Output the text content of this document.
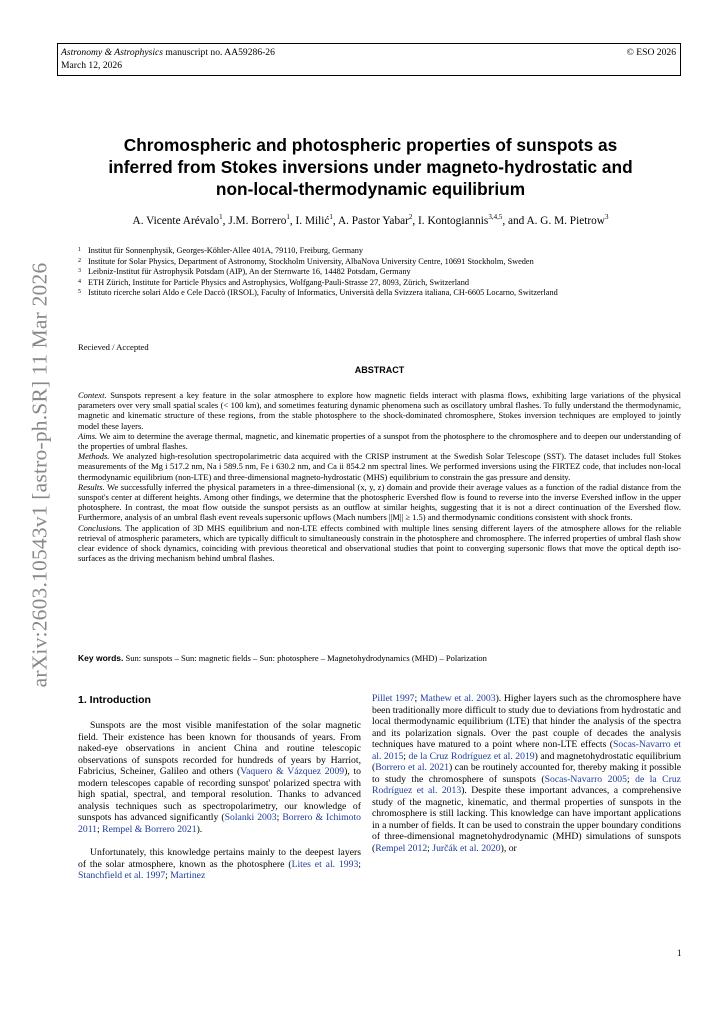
Astronomy & Astrophysics manuscript no. AA59286-26
March 12, 2026
© ESO 2026
arXiv:2603.10543v1 [astro-ph.SR] 11 Mar 2026
Chromospheric and photospheric properties of sunspots as
inferred from Stokes inversions under magneto-hydrostatic and
non-local-thermodynamic equilibrium
A. Vicente Arévalo$^1$, J.M. Borrero$^1$, I. Milić$^1$, A. Pastor Yabar$^2$, I. Kontogiannis$^{3,4,5}$, and A. G. M. Pietrow$^3$
1 Institut für Sonnenphysik, Georges-Köhler-Allee 401A, 79110, Freiburg, Germany
2 Institute for Solar Physics, Department of Astronomy, Stockholm University, AlbaNova University Centre, 10691 Stockholm, Sweden
3 Leibniz-Institut für Astrophysik Potsdam (AIP), An der Sternwarte 16, 14482 Potsdam, Germany
4 ETH Zürich, Institute for Particle Physics and Astrophysics, Wolfgang-Pauli-Strasse 27, 8093, Zürich, Switzerland
5 Istituto ricerche solari Aldo e Cele Daccò (IRSOL), Faculty of Informatics, Università della Svizzera italiana, CH-6605 Locarno, Switzerland
Recieved / Accepted
ABSTRACT

Context. Sunspots represent a key feature in the solar atmosphere to explore how magnetic fields interact with plasma flows, exhibiting large variations of the physical parameters over very small spatial scales (< 100 km), and sometimes featuring dynamic phenomena such as oscillatory umbral flashes. To fully understand the thermodynamic, magnetic and kinematic structure of these regions, from the stable photosphere to the shock-dominated chromosphere, Stokes inversion techniques are employed to jointly model these layers.

Aims. We aim to determine the average thermal, magnetic, and kinematic properties of a sunspot from the photosphere to the chromosphere and to deepen our understanding of the properties of umbral flashes.

Methods. We analyzed high-resolution spectropolarimetric data acquired with the CRISP instrument at the Swedish Solar Telescope (SST). The dataset includes full Stokes measurements of the Mg i 517.2 nm, Na i 589.5 nm, Fe i 630.2 nm, and Ca ii 854.2 nm spectral lines. We performed inversions using the FIRTEZ code, that includes non-local thermodynamic equilibrium (non-LTE) and three-dimensional magneto-hydrostatic (MHS) equilibrium to constrain the gas pressure and density.

Results. We successfully inferred the physical parameters in a three-dimensional (x, y, z) domain and provide their average values as a function of the radial distance from the sunspot's center at different heights. Among other findings, we determine that the photospheric Evershed flow is found to reverse into the inverse Evershed inflow in the upper photosphere. In contrast, the moat flow outside the sunspot persists as an outflow at similar heights, suggesting that it is not a direct continuation of the Evershed flow. Furthermore, analysis of an umbral flash event reveals supersonic upflows (Mach numbers ||M|| ≥ 1.5) and thermodynamic conditions consistent with shock fronts.

Conclusions. The application of 3D MHS equilibrium and non-LTE effects combined with multiple lines sensing different layers of the atmosphere allows for the reliable retrieval of atmospheric parameters, which are typically difficult to simultaneously constrain in the photosphere and chromosphere. The inferred properties of umbral flash show clear evidence of shock dynamics, coinciding with previous theoretical and observational studies that point to converging supersonic flows that move the optical depth iso-surfaces as the driving mechanism behind umbral flashes.

Key words. Sun: sunspots – Sun: magnetic fields – Sun: photosphere – Magnetohydrodynamics (MHD) – Polarization
1. Introduction

Sunspots are the most visible manifestation of the solar magnetic field. Their existence has been known for thousands of years. From naked-eye observations in ancient China and routine telescopic observations of sunspots recorded for hundreds of years by Harriot, Fabricius, Scheiner, Galileo and others (Vaquero & Vázquez 2009), to modern telescopes capable of recording sunspot' polarized spectra with high spatial, spectral, and temporal resolution. Thanks to advanced analysis techniques such as spectropolarimetry, our knowledge of sunspots has advanced significantly (Solanki 2003; Borrero & Ichimoto 2011; Rempel & Borrero 2021).

Unfortunately, this knowledge pertains mainly to the deepest layers of the solar atmosphere, known as the photosphere (Lites et al. 1993; Stanchfield et al. 1997; Martinez

Pillet 1997; Mathew et al. 2003). Higher layers such as the chromosphere have been traditionally more difficult to study due to deviations from hydrostatic and local thermodynamic equilibrium (LTE) that hinder the analysis of the spectra and its polarization signals. Over the past couple of decades the analysis techniques have matured to a point where non-LTE effects (Socas-Navarro et al. 2015; de la Cruz Rodríguez et al. 2019) and magnetohydrostatic equilibrium (Borrero et al. 2021) can be routinely accounted for, thereby making it possible to study the chromosphere of sunspots (Socas-Navarro 2005; de la Cruz Rodríguez et al. 2013). Despite these important advances, a comprehensive study of the magnetic, kinematic, and thermal properties of sunspots in the chromosphere is still lacking. This knowledge can have important applications in a number of fields. It can be used to constrain the upper boundary conditions of three-dimensional magnetohydrodynamic (MHD) simulations of sunspots (Rempel 2012; Jurčák et al. 2020), or

1
